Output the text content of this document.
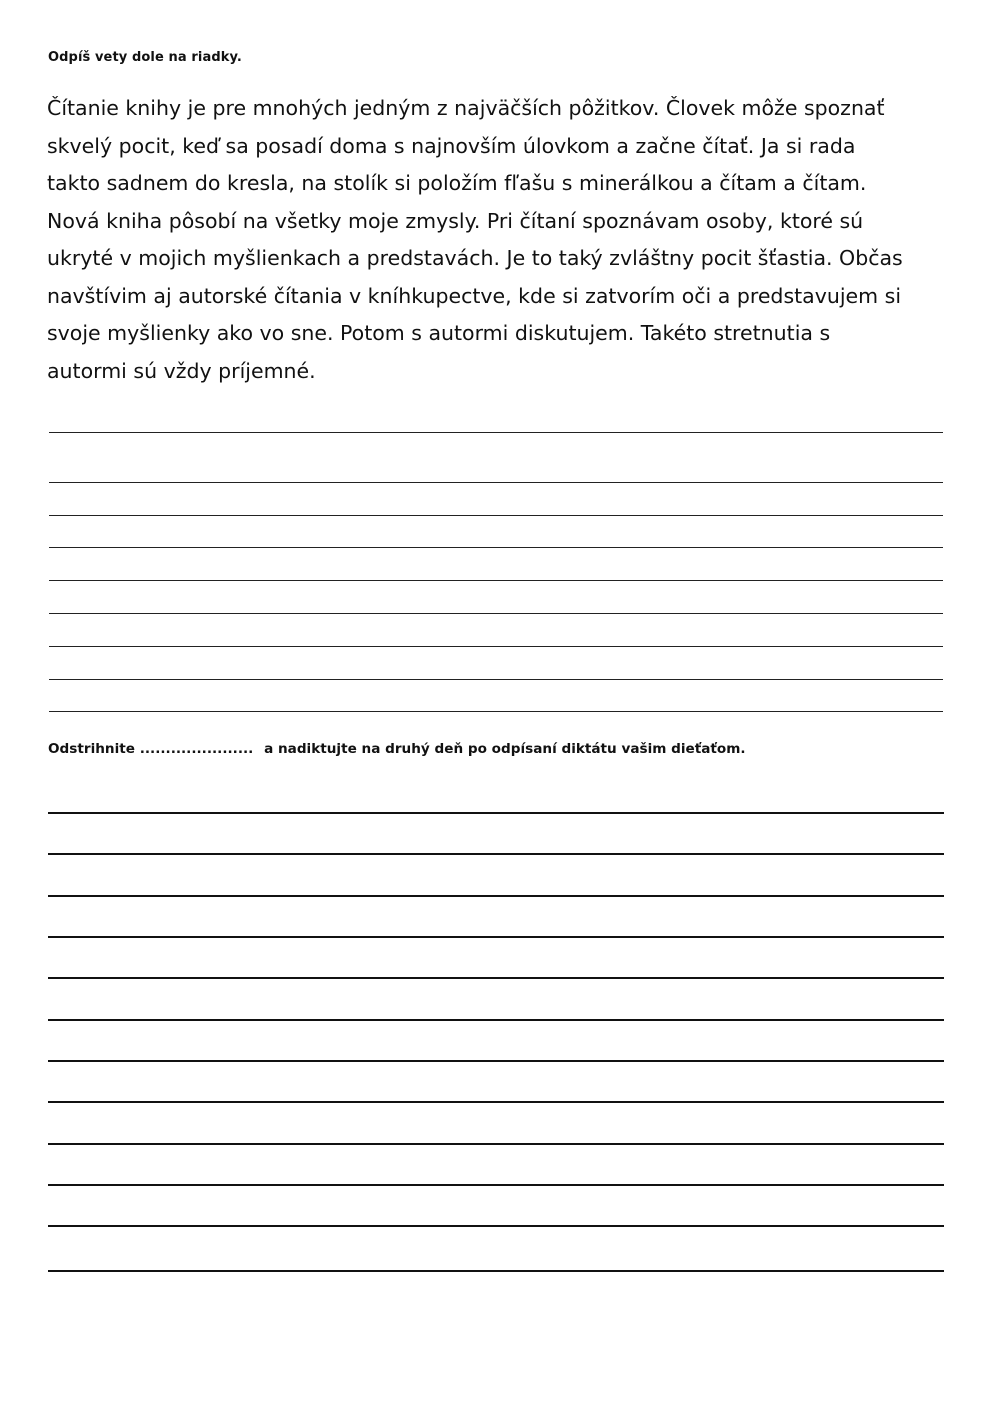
Odpíš vety dole na riadky.
Čítanie knihy je pre mnohých jedným z najväčších pôžitkov. Človek môže spoznať
skvelý pocit, keď sa posadí doma s najnovším úlovkom a začne čítať. Ja si rada
takto sadnem do kresla, na stolík si položím fľašu s minerálkou a čítam a čítam.
Nová kniha pôsobí na všetky moje zmysly. Pri čítaní spoznávam osoby, ktoré sú
ukryté v mojich myšlienkach a predstavách. Je to taký zvláštny pocit šťastia. Občas
navštívim aj autorské čítania v kníhkupectve, kde si zatvorím oči a predstavujem si
svoje myšlienky ako vo sne. Potom s autormi diskutujem. Takéto stretnutia s
autormi sú vždy príjemné.
Odstrihnite ...................... a nadiktujte na druhý deň po odpísaní diktátu vašim dieťaťom.
